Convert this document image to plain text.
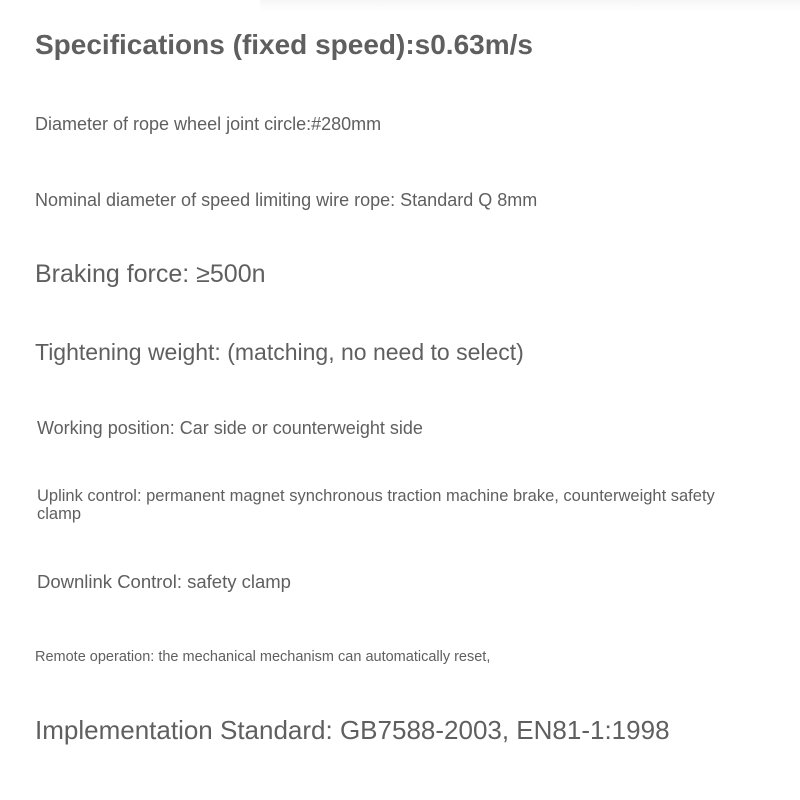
Specifications (fixed speed):s0.63m/s

Diameter of rope wheel joint circle:#280mm

Nominal diameter of speed limiting wire rope: Standard Q 8mm

Braking force: ≥500n

Tightening weight: (matching, no need to select)

Working position: Car side or counterweight side

Uplink control: permanent magnet synchronous traction machine brake, counterweight safety clamp

Downlink Control: safety clamp

Remote operation: the mechanical mechanism can automatically reset,

Implementation Standard: GB7588-2003, EN81-1:1998
